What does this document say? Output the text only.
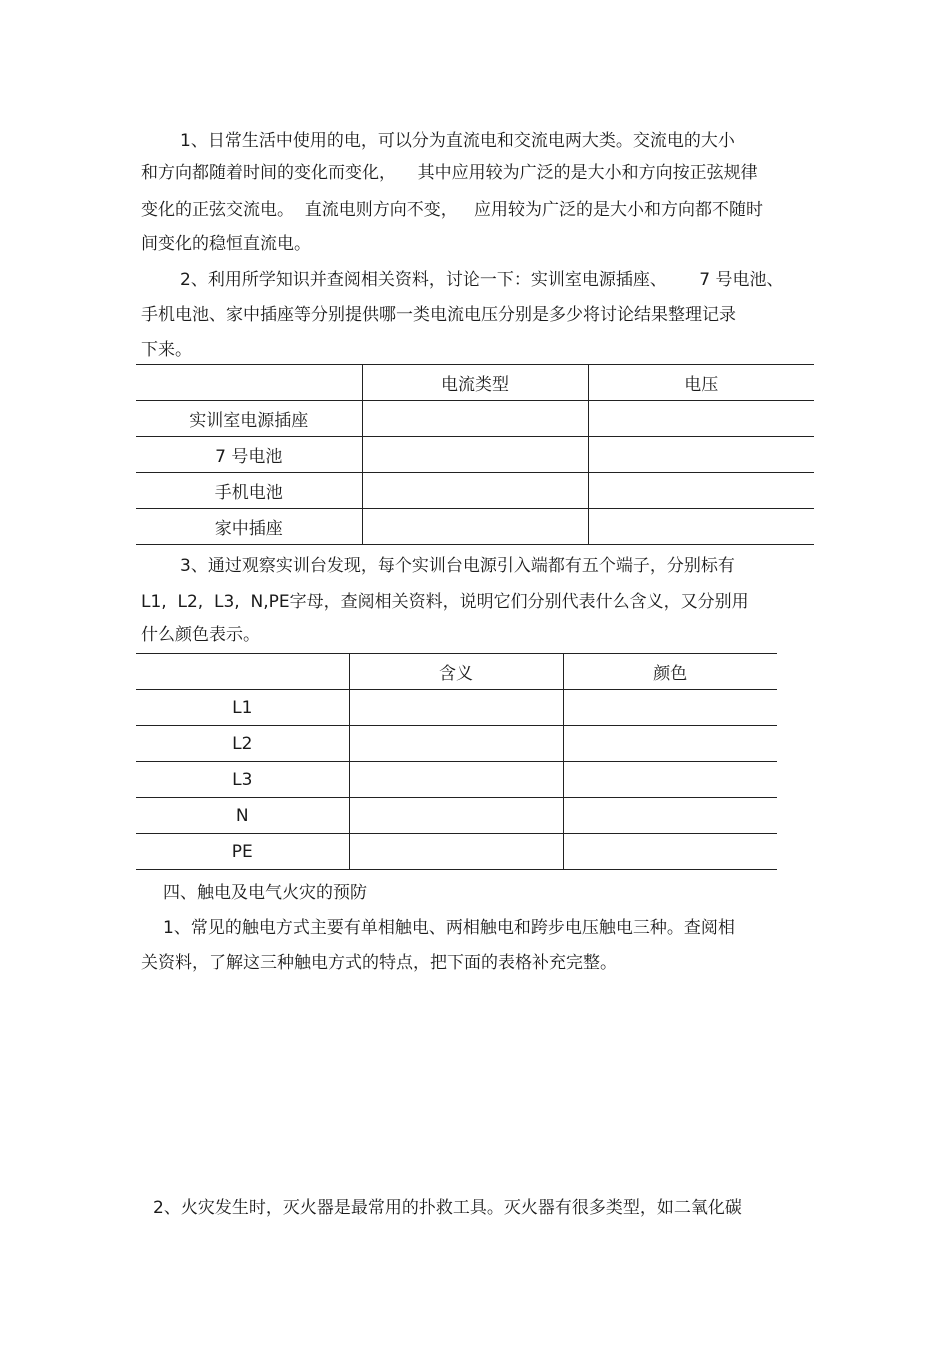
1、日常生活中使用的电，可以分为直流电和交流电两大类。交流电的大小
和方向都随着时间的变化而变化，    其中应用较为广泛的是大小和方向按正弦规律
变化的正弦交流电。  直流电则方向不变，   应用较为广泛的是大小和方向都不随时
间变化的稳恒直流电。
2、利用所学知识并查阅相关资料，讨论一下：实训室电源插座、      7 号电池、
手机电池、家中插座等分别提供哪一类电流电压分别是多少将讨论结果整理记录
下来。
	电流类型	电压
实训室电源插座		
7 号电池		
手机电池		
家中插座		
3、通过观察实训台发现，每个实训台电源引入端都有五个端子，分别标有
L1,  L2,  L3,  N,PE字母，查阅相关资料，说明它们分别代表什么含义，又分别用
什么颜色表示。
	含义	颜色
L1		
L2		
L3		
N		
PE		
四、触电及电气火灾的预防
1、常见的触电方式主要有单相触电、两相触电和跨步电压触电三种。查阅相
关资料，了解这三种触电方式的特点，把下面的表格补充完整。
2、火灾发生时，灭火器是最常用的扑救工具。灭火器有很多类型，如二氧化碳
